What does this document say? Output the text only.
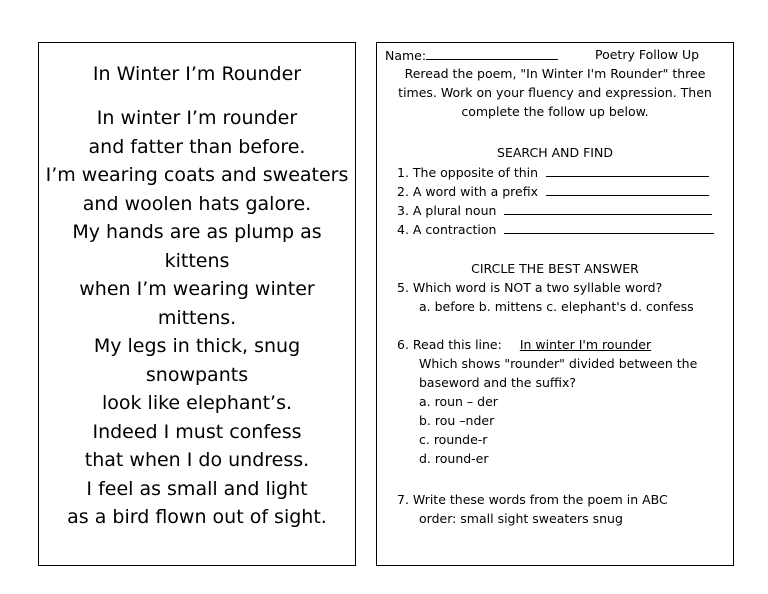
In Winter I’m Rounder
In winter I’m rounder
and fatter than before.
I’m wearing coats and sweaters
and woolen hats galore.
My hands are as plump as
kittens
when I’m wearing winter
mittens.
My legs in thick, snug
snowpants
look like elephant’s.
Indeed I must confess
that when I do undress.
I feel as small and light
as a bird flown out of sight.
Name:	Poetry Follow Up
Reread the poem, "In Winter I'm Rounder" three
times. Work on your fluency and expression. Then
complete the follow up below.
SEARCH AND FIND
1. The opposite of thin
2. A word with a prefix
3. A plural noun
4. A contraction
CIRCLE THE BEST ANSWER
5. Which word is NOT a two syllable word?
a. before b. mittens c. elephant's d. confess
6. Read this line: In winter I'm rounder
Which shows "rounder" divided between the
baseword and the suffix?
a. roun – der
b. rou –nder
c. rounde-r
d. round-er
7. Write these words from the poem in ABC
order: small sight sweaters snug
